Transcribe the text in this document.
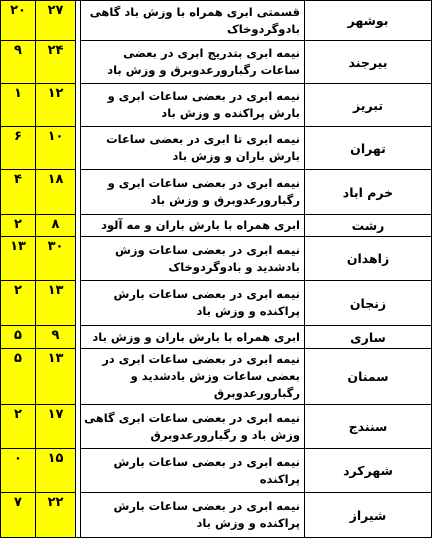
۲۰	۲۷		قسمتی ابری همراه با وزش باد گاهی بادوگردوخاک	بوشهر
۹	۲۴		نیمه ابری بتدریج ابری در بعضی ساعات رگبارورعدوبرق و وزش باد	بیرجند
۱	۱۲		نیمه ابری در بعضی ساعات ابری و بارش پراکنده و وزش باد	تبریز
۶	۱۰		نیمه ابری تا ابری در بعضی ساعات بارش باران و وزش باد	تهران
۴	۱۸		نیمه ابری در بعضی ساعات ابری و رگبارورعدوبرق و وزش باد	خرم اباد
۲	۸		ابری همراه با بارش باران و مه آلود	رشت
۱۳	۳۰		نیمه ابری در بعضی ساعات وزش بادشدید و بادوگردوخاک	زاهدان
۲	۱۳		نیمه ابری در بعضی ساعات بارش پراکنده و وزش باد	زنجان
۵	۹		ابری همراه با بارش باران و وزش باد	ساری
۵	۱۳		نیمه ابری در بعضی ساعات ابری در بعضی ساعات وزش بادشدید و رگبارورعدوبرق	سمنان
۲	۱۷		نیمه ابری در بعضی ساعات ابری گاهی وزش باد و رگبارورعدوبرق	سنندج
۰	۱۵		نیمه ابری در بعضی ساعات بارش پراکنده	شهرکرد
۷	۲۲		نیمه ابری در بعضی ساعات بارش پراکنده و وزش باد	شیراز
